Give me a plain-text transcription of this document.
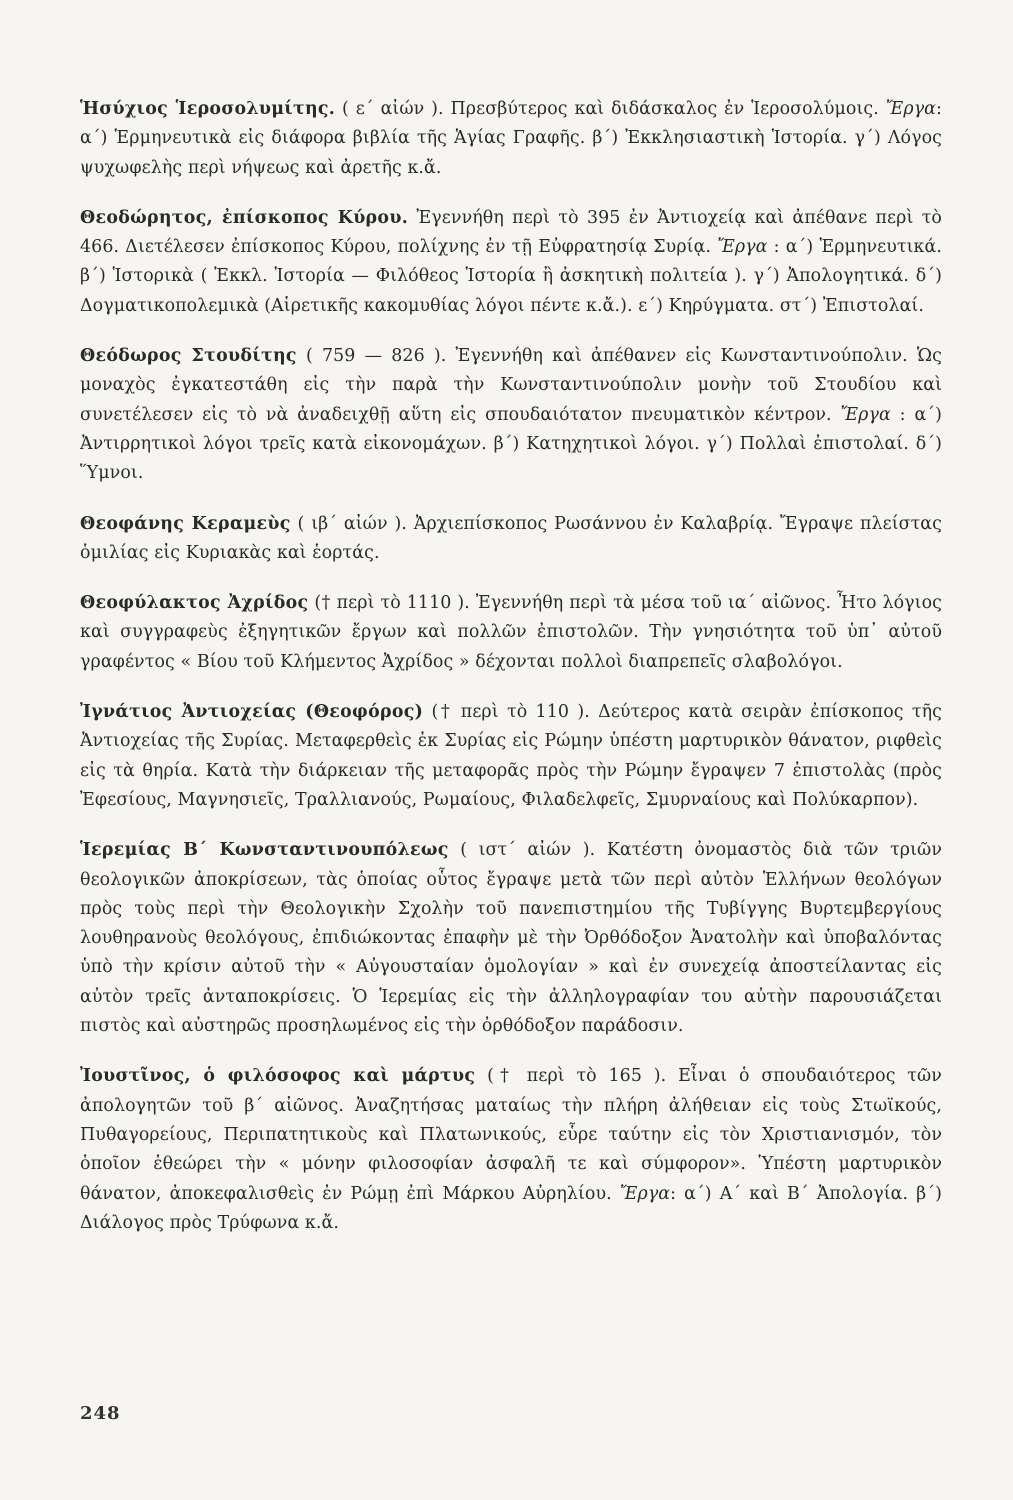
Ἡσύχιος Ἱεροσολυμίτης. ( ε΄ αἰών ). Πρεσβύτερος καὶ διδάσκαλος ἐν Ἱεροσολύμοις. Ἔργα: α΄) Ἑρμηνευτικὰ εἰς διάφορα βιβλία τῆς Ἁγίας Γραφῆς. β΄) Ἐκκλησιαστικὴ Ἱστορία. γ΄) Λόγος ψυχωφελὴς περὶ νήψεως καὶ ἀρετῆς κ.ἄ.

Θεοδώρητος, ἐπίσκοπος Κύρου. Ἐγεννήθη περὶ τὸ 395 ἐν Ἀντιοχείᾳ καὶ ἀπέθανε περὶ τὸ 466. Διετέλεσεν ἐπίσκοπος Κύρου, πολίχνης ἐν τῇ Εὐφρατησίᾳ Συρίᾳ. Ἔργα : α΄) Ἑρμηνευτικά. β΄) Ἱστορικὰ ( Ἐκκλ. Ἱστορία — Φιλόθεος Ἱστορία ἢ ἀσκητικὴ πολιτεία ). γ΄) Ἀπολογητικά. δ΄) Δογματικοπολεμικὰ (Αἱρετικῆς κακομυθίας λόγοι πέντε κ.ἄ.). ε΄) Κηρύγματα. στ΄) Ἐπιστολαί.

Θεόδωρος Στουδίτης ( 759 — 826 ). Ἐγεννήθη καὶ ἀπέθανεν εἰς Κωνσταντινούπολιν. Ὡς μοναχὸς ἐγκατεστάθη εἰς τὴν παρὰ τὴν Κωνσταντινούπολιν μονὴν τοῦ Στουδίου καὶ συνετέλεσεν εἰς τὸ νὰ ἀναδειχθῇ αὕτη εἰς σπουδαιότατον πνευματικὸν κέντρον. Ἔργα : α΄) Ἀντιρρητικοὶ λόγοι τρεῖς κατὰ εἰκονομάχων. β΄) Κατηχητικοὶ λόγοι. γ΄) Πολλαὶ ἐπιστολαί. δ΄) Ὕμνοι.

Θεοφάνης Κεραμεὺς ( ιβ΄ αἰών ). Ἀρχιεπίσκοπος Ρωσάννου ἐν Καλαβρίᾳ. Ἔγραψε πλείστας ὁμιλίας εἰς Κυριακὰς καὶ ἑορτάς.

Θεοφύλακτος Ἀχρίδος († περὶ τὸ 1110 ). Ἐγεννήθη περὶ τὰ μέσα τοῦ ια΄ αἰῶνος. Ἦτο λόγιος καὶ συγγραφεὺς ἐξηγητικῶν ἔργων καὶ πολλῶν ἐπιστολῶν. Τὴν γνησιότητα τοῦ ὑπ᾿ αὐτοῦ γραφέντος « Βίου τοῦ Κλήμεντος Ἀχρίδος » δέχονται πολλοὶ διαπρεπεῖς σλαβολόγοι.

Ἰγνάτιος Ἀντιοχείας (Θεοφόρος) († περὶ τὸ 110 ). Δεύτερος κατὰ σειρὰν ἐπίσκοπος τῆς Ἀντιοχείας τῆς Συρίας. Μεταφερθεὶς ἐκ Συρίας εἰς Ρώμην ὑπέστη μαρτυρικὸν θάνατον, ριφθεὶς εἰς τὰ θηρία. Κατὰ τὴν διάρκειαν τῆς μεταφορᾶς πρὸς τὴν Ρώμην ἔγραψεν 7 ἐπιστολὰς (πρὸς Ἐφεσίους, Μαγνησιεῖς, Τραλλιανούς, Ρωμαίους, Φιλαδελφεῖς, Σμυρναίους καὶ Πολύκαρπον).

Ἱερεμίας Β΄ Κωνσταντινουπόλεως ( ιστ΄ αἰών ). Κατέστη ὀνομαστὸς διὰ τῶν τριῶν θεολογικῶν ἀποκρίσεων, τὰς ὁποίας οὗτος ἔγραψε μετὰ τῶν περὶ αὐτὸν Ἑλλήνων θεολόγων πρὸς τοὺς περὶ τὴν Θεολογικὴν Σχολὴν τοῦ πανεπιστημίου τῆς Τυβίγγης Βυρτεμβεργίους λουθηρανοὺς θεολόγους, ἐπιδιώκοντας ἐπαφὴν μὲ τὴν Ὀρθόδοξον Ἀνατολὴν καὶ ὑποβαλόντας ὑπὸ τὴν κρίσιν αὐτοῦ τὴν « Αὐγουσταίαν ὁμολογίαν » καὶ ἐν συνεχείᾳ ἀποστείλαντας εἰς αὐτὸν τρεῖς ἀνταποκρίσεις. Ὁ Ἱερεμίας εἰς τὴν ἀλληλογραφίαν του αὐτὴν παρουσιάζεται πιστὸς καὶ αὐστηρῶς προσηλωμένος εἰς τὴν ὀρθόδοξον παράδοσιν.

Ἰουστῖνος, ὁ φιλόσοφος καὶ μάρτυς († περὶ τὸ 165 ). Εἶναι ὁ σπουδαιότερος τῶν ἀπολογητῶν τοῦ β΄ αἰῶνος. Ἀναζητήσας ματαίως τὴν πλήρη ἀλήθειαν εἰς τοὺς Στωϊκούς, Πυθαγορείους, Περιπατητικοὺς καὶ Πλατωνικούς, εὗρε ταύτην εἰς τὸν Χριστιανισμόν, τὸν ὁποῖον ἐθεώρει τὴν « μόνην φιλοσοφίαν ἀσφαλῆ τε καὶ σύμφορον». Ὑπέστη μαρτυρικὸν θάνατον, ἀποκεφαλισθεὶς ἐν Ρώμῃ ἐπὶ Μάρκου Αὐρηλίου. Ἔργα: α΄) Α΄ καὶ Β΄ Ἀπολογία. β΄) Διάλογος πρὸς Τρύφωνα κ.ἄ.

248
